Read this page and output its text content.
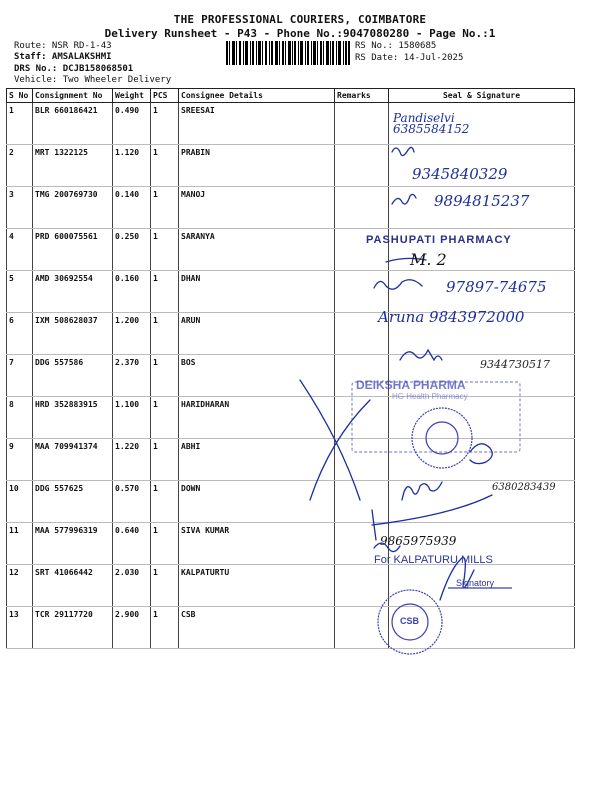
THE PROFESSIONAL COURIERS, COIMBATORE
Delivery Runsheet - P43 - Phone No.:9047080280 - Page No.:1
Route: NSR RD-1-43
Staff: AMSALAKSHMI
DRS No.: DCJB158068501
Vehicle: Two Wheeler Delivery
RS No.: 1580685
RS Date: 14-Jul-2025
S No	Consignment No	Weight	PCS	Consignee Details	Remarks	Seal & Signature
1	BLR 660186421	0.490	1	SREESAI		
2	MRT 1322125	1.120	1	PRABIN		
3	TMG 200769730	0.140	1	MANOJ		
4	PRD 600075561	0.250	1	SARANYA		
5	AMD 30692554	0.160	1	DHAN		
6	IXM 508628037	1.200	1	ARUN		
7	DDG 557586	2.370	1	BOS		
8	HRD 352883915	1.100	1	HARIDHARAN		
9	MAA 709941374	1.220	1	ABHI		
10	DDG 557625	0.570	1	DOWN		
11	MAA 577996319	0.640	1	SIVA KUMAR		
12	SRT 41066442	2.030	1	KALPATURTU		
13	TCR 29117720	2.900	1	CSB		
Pandiselvi 6385584152
9345840329
9894815237
PASHUPATI PHARMACY
M. 2
97897-74675
Aruna 9843972000
9344730517
DEIKSHA PHARMA
HG Health Pharmacy
6380283439
9865975939
For KALPATURU MILLS
Signatory
CSB
